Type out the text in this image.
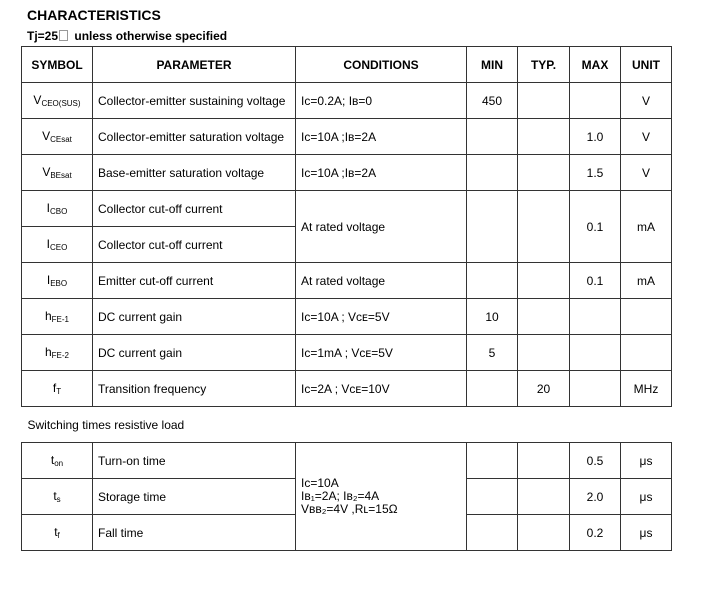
CHARACTERISTICS
Tj=25 unless otherwise specified
SYMBOL	PARAMETER	CONDITIONS	MIN	TYP.	MAX	UNIT
$V_{CEO(SUS)}$	Collector-emitter sustaining voltage	Iᴄ=0.2A; Iʙ=0	450			V
$V_{CEsat}$	Collector-emitter saturation voltage	Iᴄ=10A ;Iʙ=2A			1.0	V
$V_{BEsat}$	Base-emitter saturation voltage	Iᴄ=10A ;Iʙ=2A			1.5	V
$I_{CBO}$	Collector cut-off current	At rated voltage			0.1	mA
$I_{CEO}$	Collector cut-off current					
$I_{EBO}$	Emitter cut-off current	At rated voltage			0.1	mA
$h_{FE-1}$	DC current gain	Iᴄ=10A ; Vᴄᴇ=5V	10			
$h_{FE-2}$	DC current gain	Iᴄ=1mA ; Vᴄᴇ=5V	5			
$f_T$	Transition frequency	Iᴄ=2A ; Vᴄᴇ=10V		20		MHz
Switching times resistive load						
$t_{on}$	Turn-on time	Iᴄ=10A
Iʙ₁=2A; Iʙ₂=4A
Vʙʙ₂=4V ,Rʟ=15Ω			0.5	μs
$t_s$	Storage time				2.0	μs
$t_f$	Fall time				0.2	μs
